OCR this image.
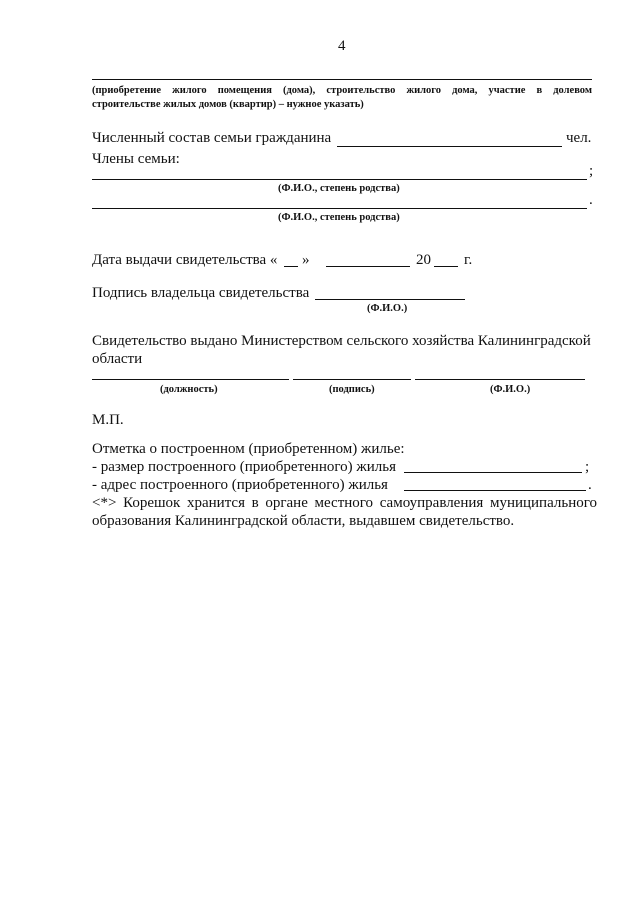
4
(приобретение жилого помещения (дома), строительство жилого дома, участие в долевом
строительстве жилых домов (квартир) – нужное указать)
Численный состав семьи гражданина	чел.
Члены семьи:
;
(Ф.И.О., степень родства)
.
(Ф.И.О., степень родства)
Дата выдачи свидетельства « »	20 г.
Подпись владельца свидетельства
(Ф.И.О.)
Свидетельство выдано Министерством сельского хозяйства Калининградской
области
(должность)	(подпись)	(Ф.И.О.)
М.П.
Отметка о построенном (приобретенном) жилье:
- размер построенного (приобретенного) жилья	;
- адрес построенного (приобретенного) жилья	.
<*> Корешок хранится в органе местного самоуправления муниципального
образования Калининградской области, выдавшем свидетельство.
